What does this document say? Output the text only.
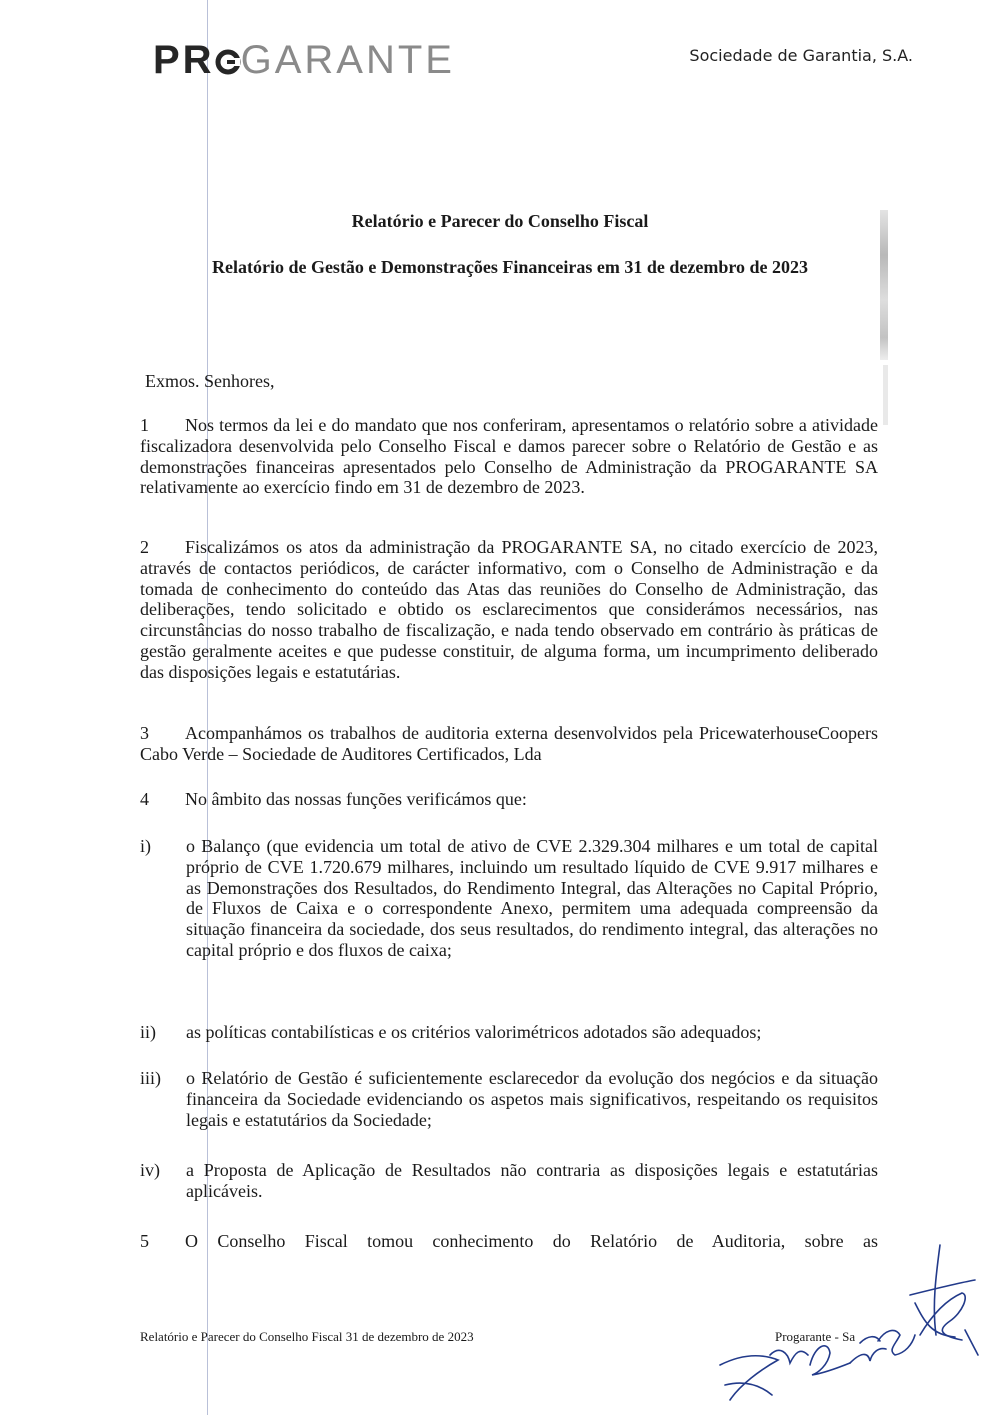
PR GARANTE	Sociedade de Garantia, S.A.
Relatório e Parecer do Conselho Fiscal
Relatório de Gestão e Demonstrações Financeiras em 31 de dezembro de 2023
Exmos. Senhores,

1 Nos termos da lei e do mandato que nos conferiram, apresentamos o relatório sobre a atividade fiscalizadora desenvolvida pelo Conselho Fiscal e damos parecer sobre o Relatório de Gestão e as demonstrações financeiras apresentados pelo Conselho de Administração da PROGARANTE SA relativamente ao exercício findo em 31 de dezembro de 2023.

2 Fiscalizámos os atos da administração da PROGARANTE SA, no citado exercício de 2023, através de contactos periódicos, de carácter informativo, com o Conselho de Administração e da tomada de conhecimento do conteúdo das Atas das reuniões do Conselho de Administração, das deliberações, tendo solicitado e obtido os esclarecimentos que considerámos necessários, nas circunstâncias do nosso trabalho de fiscalização, e nada tendo observado em contrário às práticas de gestão geralmente aceites e que pudesse constituir, de alguma forma, um incumprimento deliberado das disposições legais e estatutárias.

3 Acompanhámos os trabalhos de auditoria externa desenvolvidos pela PricewaterhouseCoopers Cabo Verde – Sociedade de Auditores Certificados, Lda

4 No âmbito das nossas funções verificámos que:

i) o Balanço (que evidencia um total de ativo de CVE 2.329.304 milhares e um total de capital próprio de CVE 1.720.679 milhares, incluindo um resultado líquido de CVE 9.917 milhares e as Demonstrações dos Resultados, do Rendimento Integral, das Alterações no Capital Próprio, de Fluxos de Caixa e o correspondente Anexo, permitem uma adequada compreensão da situação financeira da sociedade, dos seus resultados, do rendimento integral, das alterações no capital próprio e dos fluxos de caixa;
ii) as políticas contabilísticas e os critérios valorimétricos adotados são adequados;
iii) o Relatório de Gestão é suficientemente esclarecedor da evolução dos negócios e da situação financeira da Sociedade evidenciando os aspetos mais significativos, respeitando os requisitos legais e estatutários da Sociedade;
iv) a Proposta de Aplicação de Resultados não contraria as disposições legais e estatutárias aplicáveis.

5 O Conselho Fiscal tomou conhecimento do Relatório de Auditoria, sobre as

Relatório e Parecer do Conselho Fiscal 31 de dezembro de 2023	Progarante - Sa
